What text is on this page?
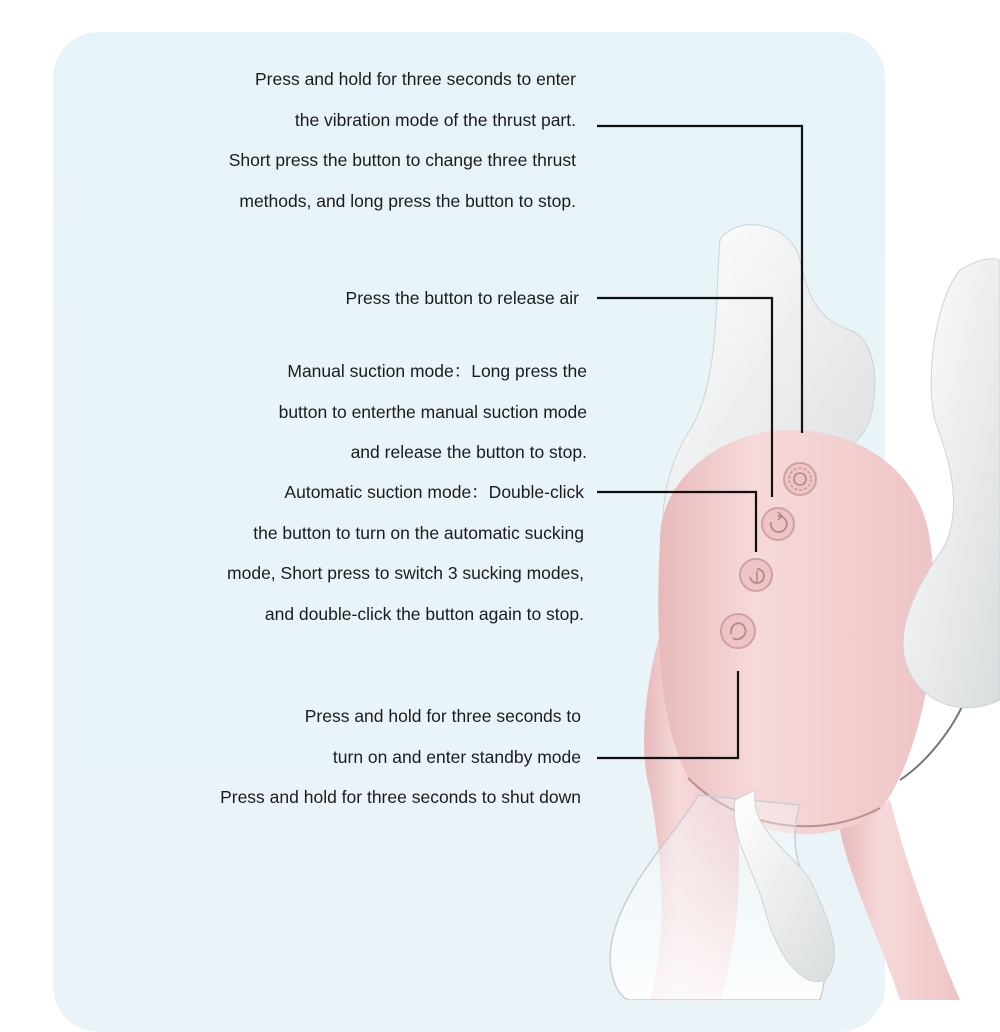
Press and hold for three seconds to enter

the vibration mode of the thrust part.

Short press the button to change three thrust

methods, and long press the button to stop.

Press the button to release air

Manual suction mode：Long press the

button to enterthe manual suction mode

and release the button to stop.

Automatic suction mode：Double-click

the button to turn on the automatic sucking

mode, Short press to switch 3 sucking modes,

and double-click the button again to stop.

Press and hold for three seconds to

turn on and enter standby mode

Press and hold for three seconds to shut down
